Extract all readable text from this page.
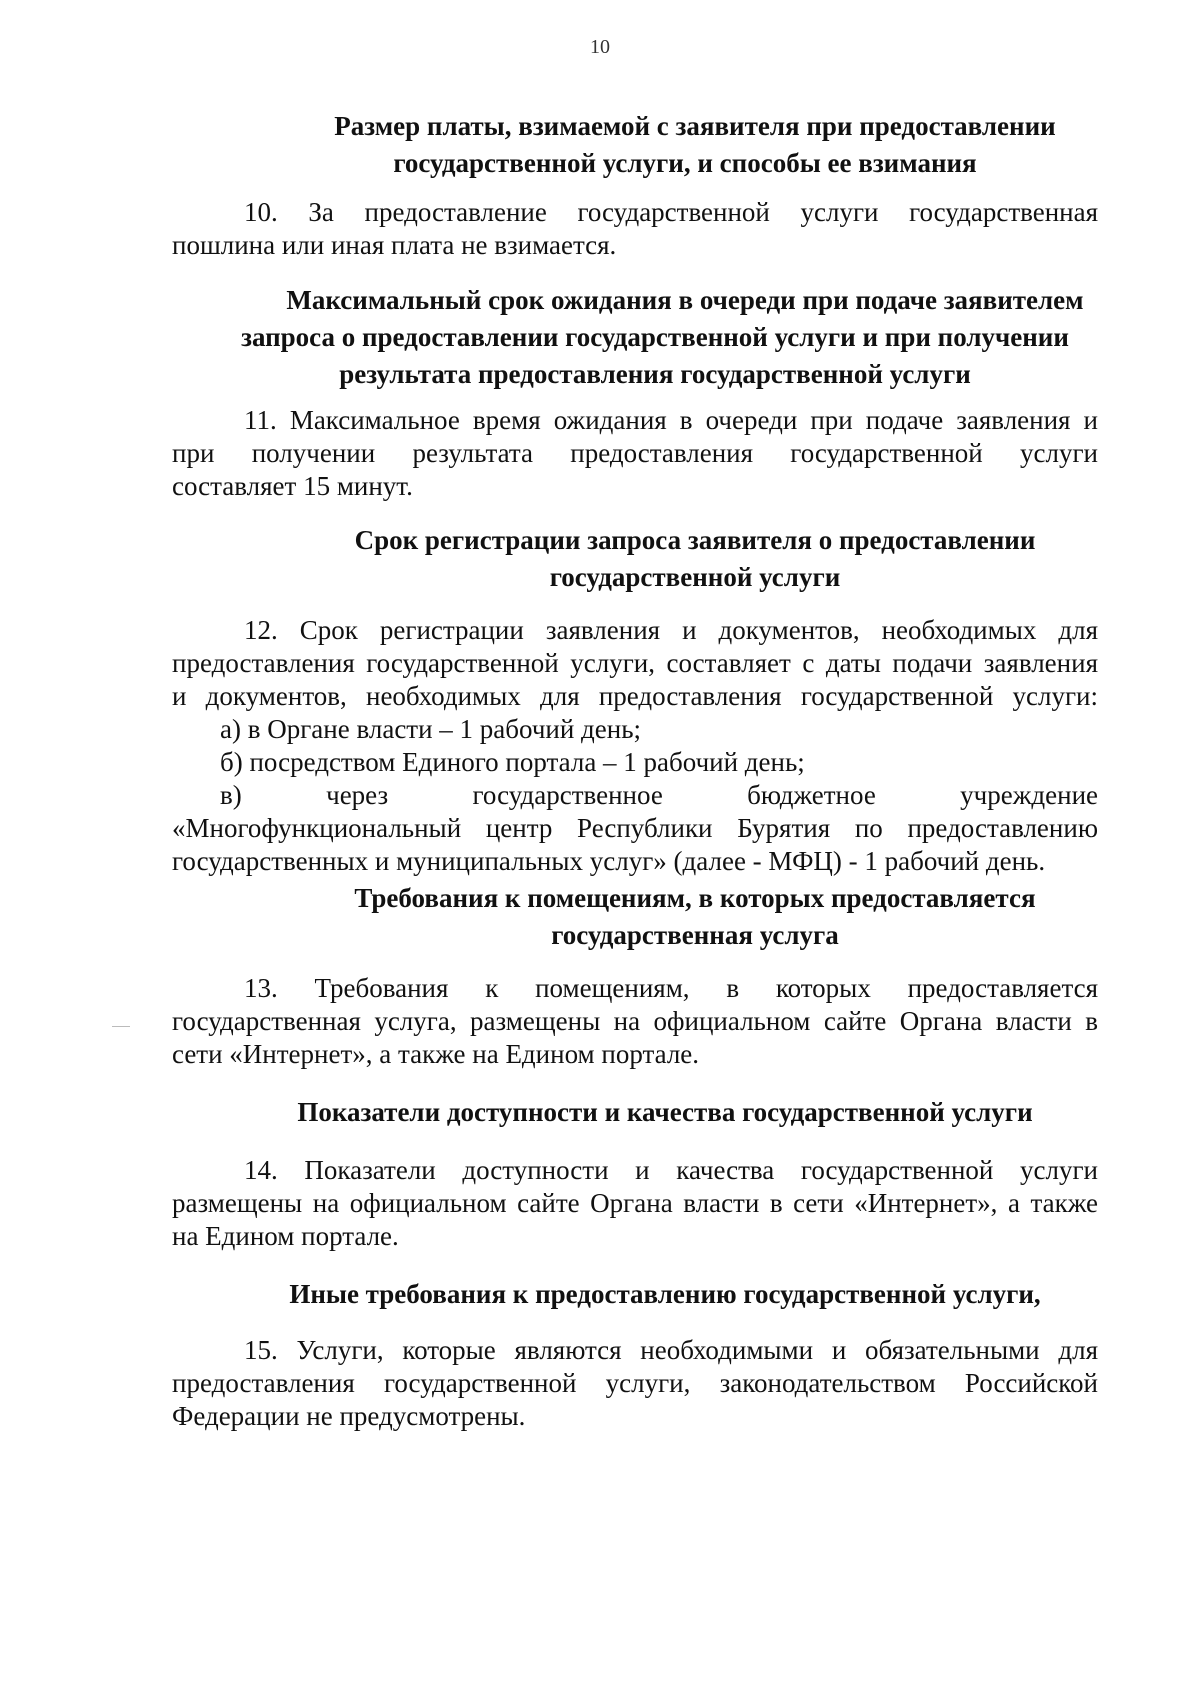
10
Размер платы, взимаемой с заявителя при предоставлении
государственной услуги, и способы ее взимания
10. За предоставление государственной услуги государственная
пошлина или иная плата не взимается.
Максимальный срок ожидания в очереди при подаче заявителем
запроса о предоставлении государственной услуги и при получении
результата предоставления государственной услуги
11. Максимальное время ожидания в очереди при подаче заявления и
при получении результата предоставления государственной услуги
составляет 15 минут.
Срок регистрации запроса заявителя о предоставлении
государственной услуги
12. Срок регистрации заявления и документов, необходимых для
предоставления государственной услуги, составляет с даты подачи заявления
и документов, необходимых для предоставления государственной услуги:
а) в Органе власти – 1 рабочий день;
б) посредством Единого портала – 1 рабочий день;
в) через государственное бюджетное учреждение
«Многофункциональный центр Республики Бурятия по предоставлению
государственных и муниципальных услуг» (далее - МФЦ) - 1 рабочий день.
Требования к помещениям, в которых предоставляется
государственная услуга
13. Требования к помещениям, в которых предоставляется
государственная услуга, размещены на официальном сайте Органа власти в
сети «Интернет», а также на Едином портале.
Показатели доступности и качества государственной услуги
14. Показатели доступности и качества государственной услуги
размещены на официальном сайте Органа власти в сети «Интернет», а также
на Едином портале.
Иные требования к предоставлению государственной услуги,
15. Услуги, которые являются необходимыми и обязательными для
предоставления государственной услуги, законодательством Российской
Федерации не предусмотрены.
